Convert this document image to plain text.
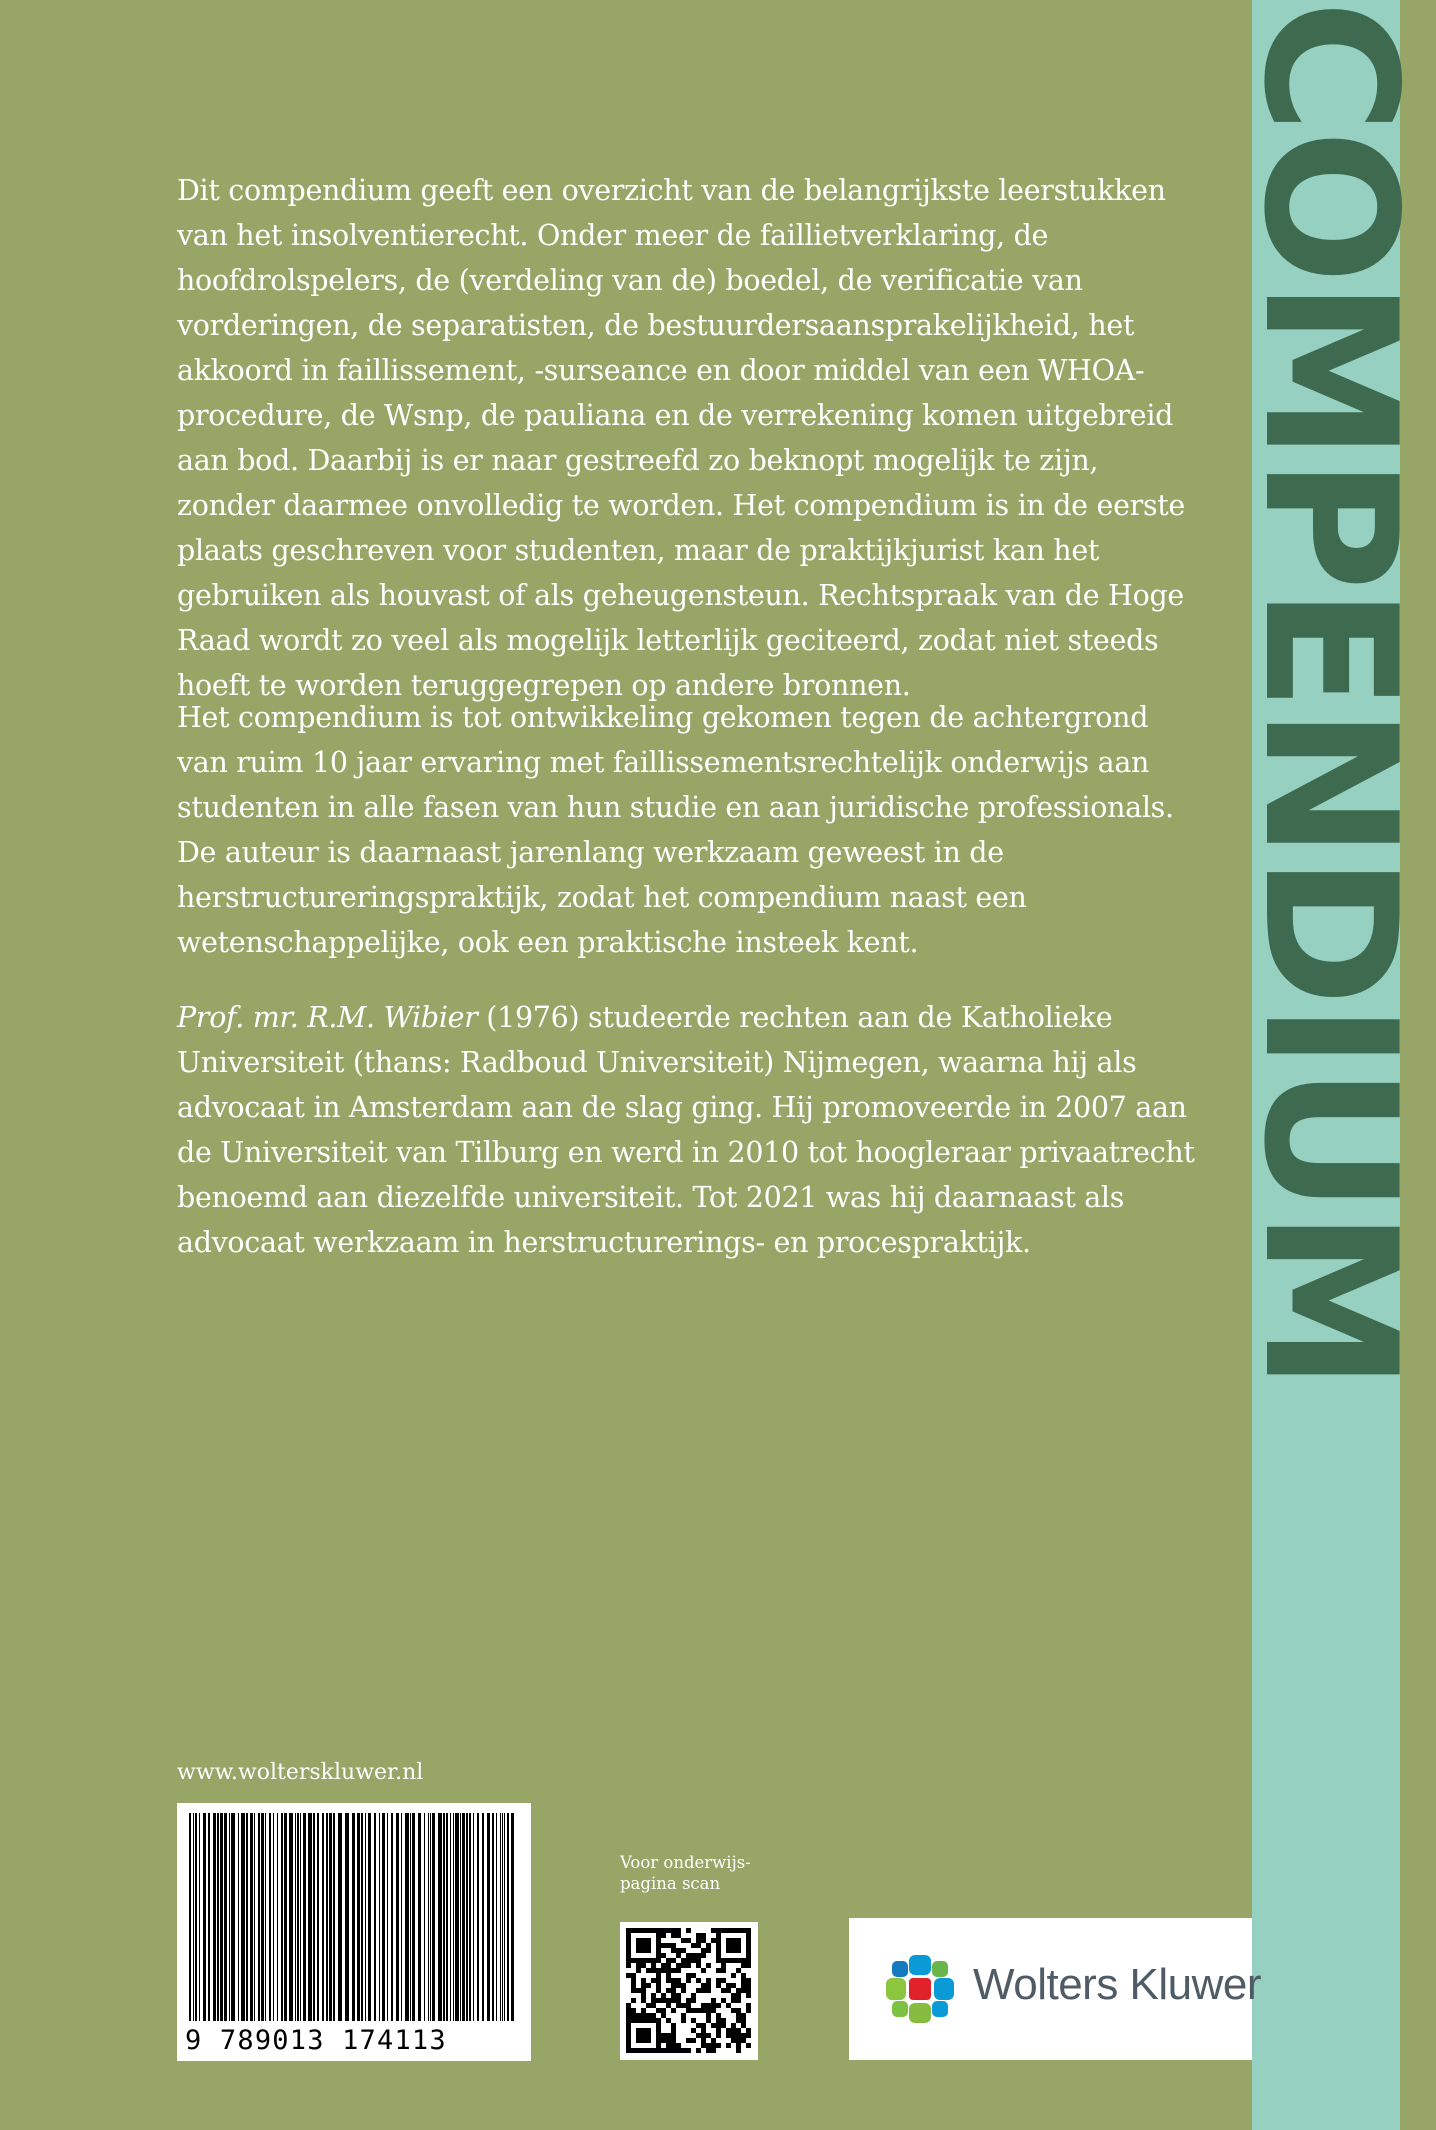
COMPENDIUM

Dit compendium geeft een overzicht van de belangrijkste leerstukken van het insolventierecht. Onder meer de faillietverklaring, de hoofdrolspelers, de (verdeling van de) boedel, de verificatie van vorderingen, de separatisten, de bestuurdersaansprakelijkheid, het akkoord in faillissement, -surseance en door middel van een WHOA-procedure, de Wsnp, de pauliana en de verrekening komen uitgebreid aan bod. Daarbij is er naar gestreefd zo beknopt mogelijk te zijn, zonder daarmee onvolledig te worden. Het compendium is in de eerste plaats geschreven voor studenten, maar de praktijkjurist kan het gebruiken als houvast of als geheugensteun. Rechtspraak van de Hoge Raad wordt zo veel als mogelijk letterlijk geciteerd, zodat niet steeds hoeft te worden teruggegrepen op andere bronnen.

Het compendium is tot ontwikkeling gekomen tegen de achtergrond van ruim 10 jaar ervaring met faillissementsrechtelijk onderwijs aan studenten in alle fasen van hun studie en aan juridische professionals. De auteur is daarnaast jarenlang werkzaam geweest in de herstructureringspraktijk, zodat het compendium naast een wetenschappelijke, ook een praktische insteek kent.

Prof. mr. R.M. Wibier (1976) studeerde rechten aan de Katholieke Universiteit (thans: Radboud Universiteit) Nijmegen, waarna hij als advocaat in Amsterdam aan de slag ging. Hij promoveerde in 2007 aan de Universiteit van Tilburg en werd in 2010 tot hoogleraar privaatrecht benoemd aan diezelfde universiteit. Tot 2021 was hij daarnaast als advocaat werkzaam in herstructurerings- en procespraktijk.

www.wolterskluwer.nl
9 789013 174113
Voor onderwijs-pagina scan
Wolters Kluwer
